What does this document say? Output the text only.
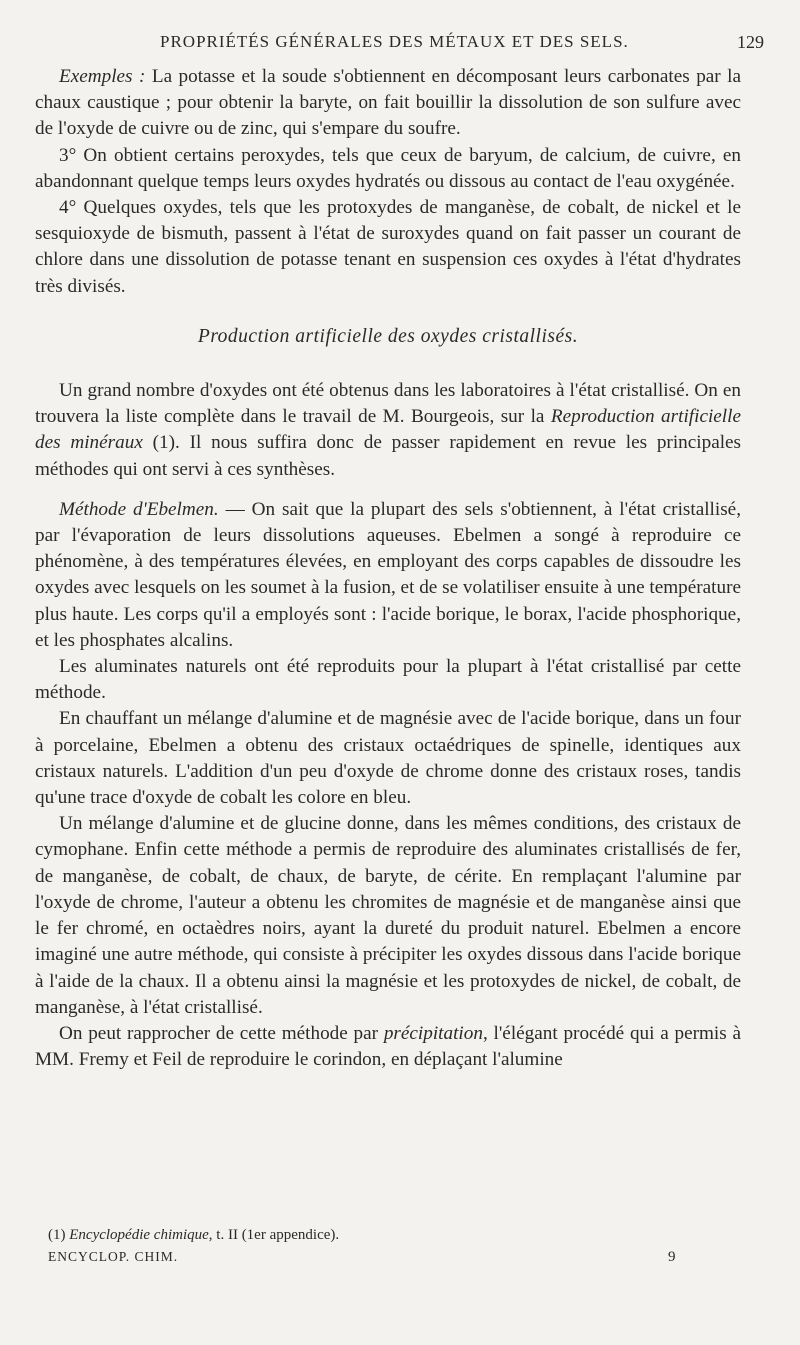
PROPRIÉTÉS GÉNÉRALES DES MÉTAUX ET DES SELS.	129

Exemples : La potasse et la soude s'obtiennent en décomposant leurs carbonates par la chaux caustique ; pour obtenir la baryte, on fait bouillir la dissolution de son sulfure avec de l'oxyde de cuivre ou de zinc, qui s'empare du soufre.

3° On obtient certains peroxydes, tels que ceux de baryum, de calcium, de cuivre, en abandonnant quelque temps leurs oxydes hydratés ou dissous au contact de l'eau oxygénée.

4° Quelques oxydes, tels que les protoxydes de manganèse, de cobalt, de nickel et le sesquioxyde de bismuth, passent à l'état de suroxydes quand on fait passer un courant de chlore dans une dissolution de potasse tenant en suspension ces oxydes à l'état d'hydrates très divisés.

Production artificielle des oxydes cristallisés.

Un grand nombre d'oxydes ont été obtenus dans les laboratoires à l'état cristallisé. On en trouvera la liste complète dans le travail de M. Bourgeois, sur la Reproduction artificielle des minéraux (1). Il nous suffira donc de passer rapidement en revue les principales méthodes qui ont servi à ces synthèses.

Méthode d'Ebelmen. — On sait que la plupart des sels s'obtiennent, à l'état cristallisé, par l'évaporation de leurs dissolutions aqueuses. Ebelmen a songé à reproduire ce phénomène, à des températures élevées, en employant des corps capables de dissoudre les oxydes avec lesquels on les soumet à la fusion, et de se volatiliser ensuite à une température plus haute. Les corps qu'il a employés sont : l'acide borique, le borax, l'acide phosphorique, et les phosphates alcalins.

Les aluminates naturels ont été reproduits pour la plupart à l'état cristallisé par cette méthode.

En chauffant un mélange d'alumine et de magnésie avec de l'acide borique, dans un four à porcelaine, Ebelmen a obtenu des cristaux octaédriques de spinelle, identiques aux cristaux naturels. L'addition d'un peu d'oxyde de chrome donne des cristaux roses, tandis qu'une trace d'oxyde de cobalt les colore en bleu.

Un mélange d'alumine et de glucine donne, dans les mêmes conditions, des cristaux de cymophane. Enfin cette méthode a permis de reproduire des aluminates cristallisés de fer, de manganèse, de cobalt, de chaux, de baryte, de cérite. En remplaçant l'alumine par l'oxyde de chrome, l'auteur a obtenu les chromites de magnésie et de manganèse ainsi que le fer chromé, en octaèdres noirs, ayant la dureté du produit naturel. Ebelmen a encore imaginé une autre méthode, qui consiste à précipiter les oxydes dissous dans l'acide borique à l'aide de la chaux. Il a obtenu ainsi la magnésie et les protoxydes de nickel, de cobalt, de manganèse, à l'état cristallisé.

On peut rapprocher de cette méthode par précipitation, l'élégant procédé qui a permis à MM. Fremy et Feil de reproduire le corindon, en déplaçant l'alumine

(1) Encyclopédie chimique, t. II (1er appendice).
ENCYCLOP. CHIM.	9
